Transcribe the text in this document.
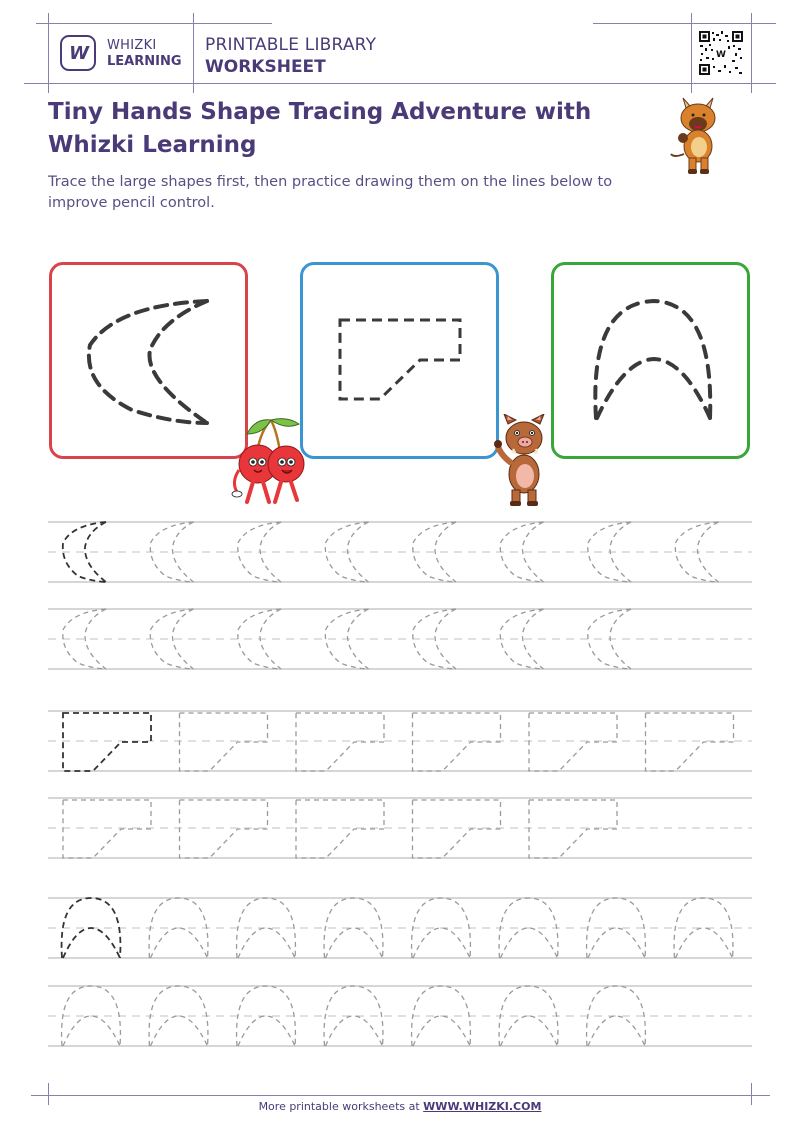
W WHIZKI
LEARNING
PRINTABLE LIBRARY
WORKSHEET
W
Tiny Hands Shape Tracing Adventure with Whizki Learning
Trace the large shapes first, then practice drawing them on the lines below to improve pencil control.
More printable worksheets at WWW.WHIZKI.COM
